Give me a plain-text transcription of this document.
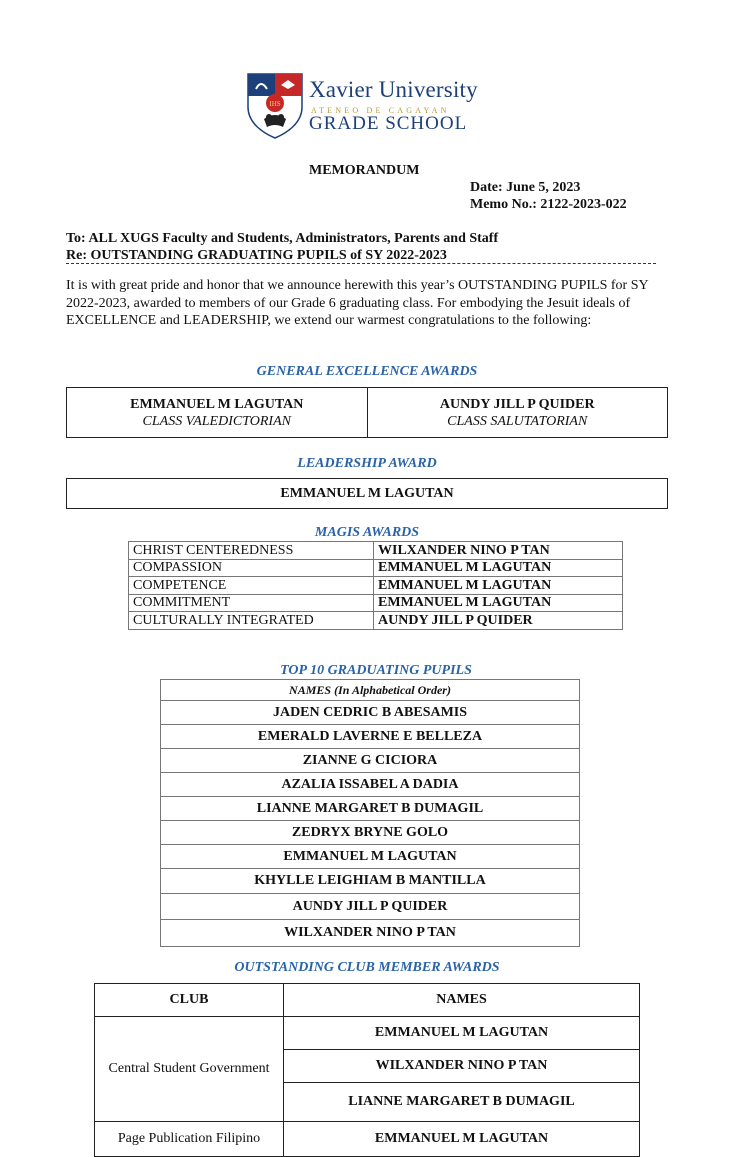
IHS
Xavier University
ATENEO DE CAGAYAN
GRADE SCHOOL
MEMORANDUM
Date: June 5, 2023
Memo No.: 2122-2023-022
To: ALL XUGS Faculty and Students, Administrators, Parents and Staff
Re: OUTSTANDING GRADUATING PUPILS of SY 2022-2023
It is with great pride and honor that we announce herewith this year’s OUTSTANDING PUPILS for SY 2022-2023, awarded to members of our Grade 6 graduating class. For embodying the Jesuit ideals of EXCELLENCE and LEADERSHIP, we extend our warmest congratulations to the following:
GENERAL EXCELLENCE AWARDS
EMMANUEL M LAGUTAN
CLASS VALEDICTORIAN
AUNDY JILL P QUIDER
CLASS SALUTATORIAN
LEADERSHIP AWARD
EMMANUEL M LAGUTAN
MAGIS AWARDS
CHRIST CENTEREDNESS	WILXANDER NINO P TAN
COMPASSION	EMMANUEL M LAGUTAN
COMPETENCE	EMMANUEL M LAGUTAN
COMMITMENT	EMMANUEL M LAGUTAN
CULTURALLY INTEGRATED	AUNDY JILL P QUIDER
TOP 10 GRADUATING PUPILS
NAMES (In Alphabetical Order)
JADEN CEDRIC B ABESAMIS
EMERALD LAVERNE E BELLEZA
ZIANNE G CICIORA
AZALIA ISSABEL A DADIA
LIANNE MARGARET B DUMAGIL
ZEDRYX BRYNE GOLO
EMMANUEL M LAGUTAN
KHYLLE LEIGHIAM B MANTILLA
AUNDY JILL P QUIDER
WILXANDER NINO P TAN
OUTSTANDING CLUB MEMBER AWARDS
CLUB	NAMES
Central Student Government	EMMANUEL M LAGUTAN
	WILXANDER NINO P TAN
	LIANNE MARGARET B DUMAGIL
Page Publication Filipino	EMMANUEL M LAGUTAN
